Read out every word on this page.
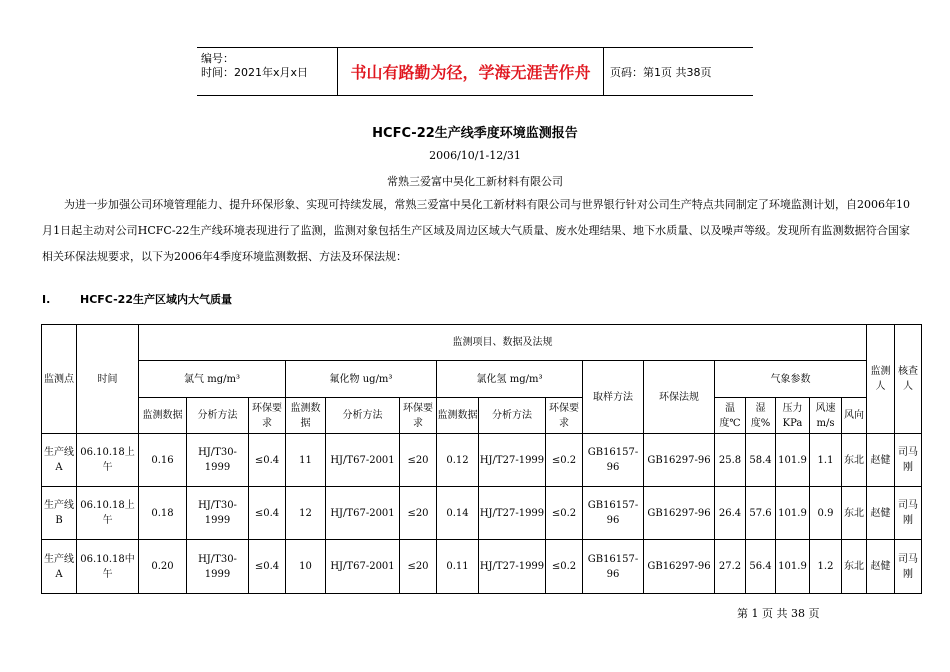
编号：
时间：2021年x月x日	书山有路勤为径，学海无涯苦作舟	页码：第1页 共38页
HCFC-22生产线季度环境监测报告
2006/10/1-12/31
常熟三爱富中昊化工新材料有限公司
为进一步加强公司环境管理能力、提升环保形象、实现可持续发展，常熟三爱富中昊化工新材料有限公司与世界银行针对公司生产特点共同制定了环境监测计划，自2006年10月1日起主动对公司HCFC-22生产线环境表现进行了监测，监测对象包括生产区域及周边区域大气质量、废水处理结果、地下水质量、以及噪声等级。发现所有监测数据符合国家相关环保法规要求，以下为2006年4季度环境监测数据、方法及环保法规：
I.	HCFC-22生产区域内大气质量
监测点	时间	监测项目、数据及法规																监测人	核查人
		氯气 mg/m³			氟化物 ug/m³			氯化氢 mg/m³			取样方法	环保法规	气象参数						
		监测数据	分析方法	环保要求	监测数据	分析方法	环保要求	监测数据	分析方法	环保要求			温度℃	湿度%	压力KPa	风速m/s	风向		
生产线A	06.10.18上午	0.16	HJ/T30-1999	≤0.4	11	HJ/T67-2001	≤20	0.12	HJ/T27-1999	≤0.2	GB16157-96	GB16297-96	25.8	58.4	101.9	1.1	东北	赵健	司马刚
生产线B	06.10.18上午	0.18	HJ/T30-1999	≤0.4	12	HJ/T67-2001	≤20	0.14	HJ/T27-1999	≤0.2	GB16157-96	GB16297-96	26.4	57.6	101.9	0.9	东北	赵健	司马刚
生产线A	06.10.18中午	0.20	HJ/T30-1999	≤0.4	10	HJ/T67-2001	≤20	0.11	HJ/T27-1999	≤0.2	GB16157-96	GB16297-96	27.2	56.4	101.9	1.2	东北	赵健	司马刚
第 1 页 共 38 页
